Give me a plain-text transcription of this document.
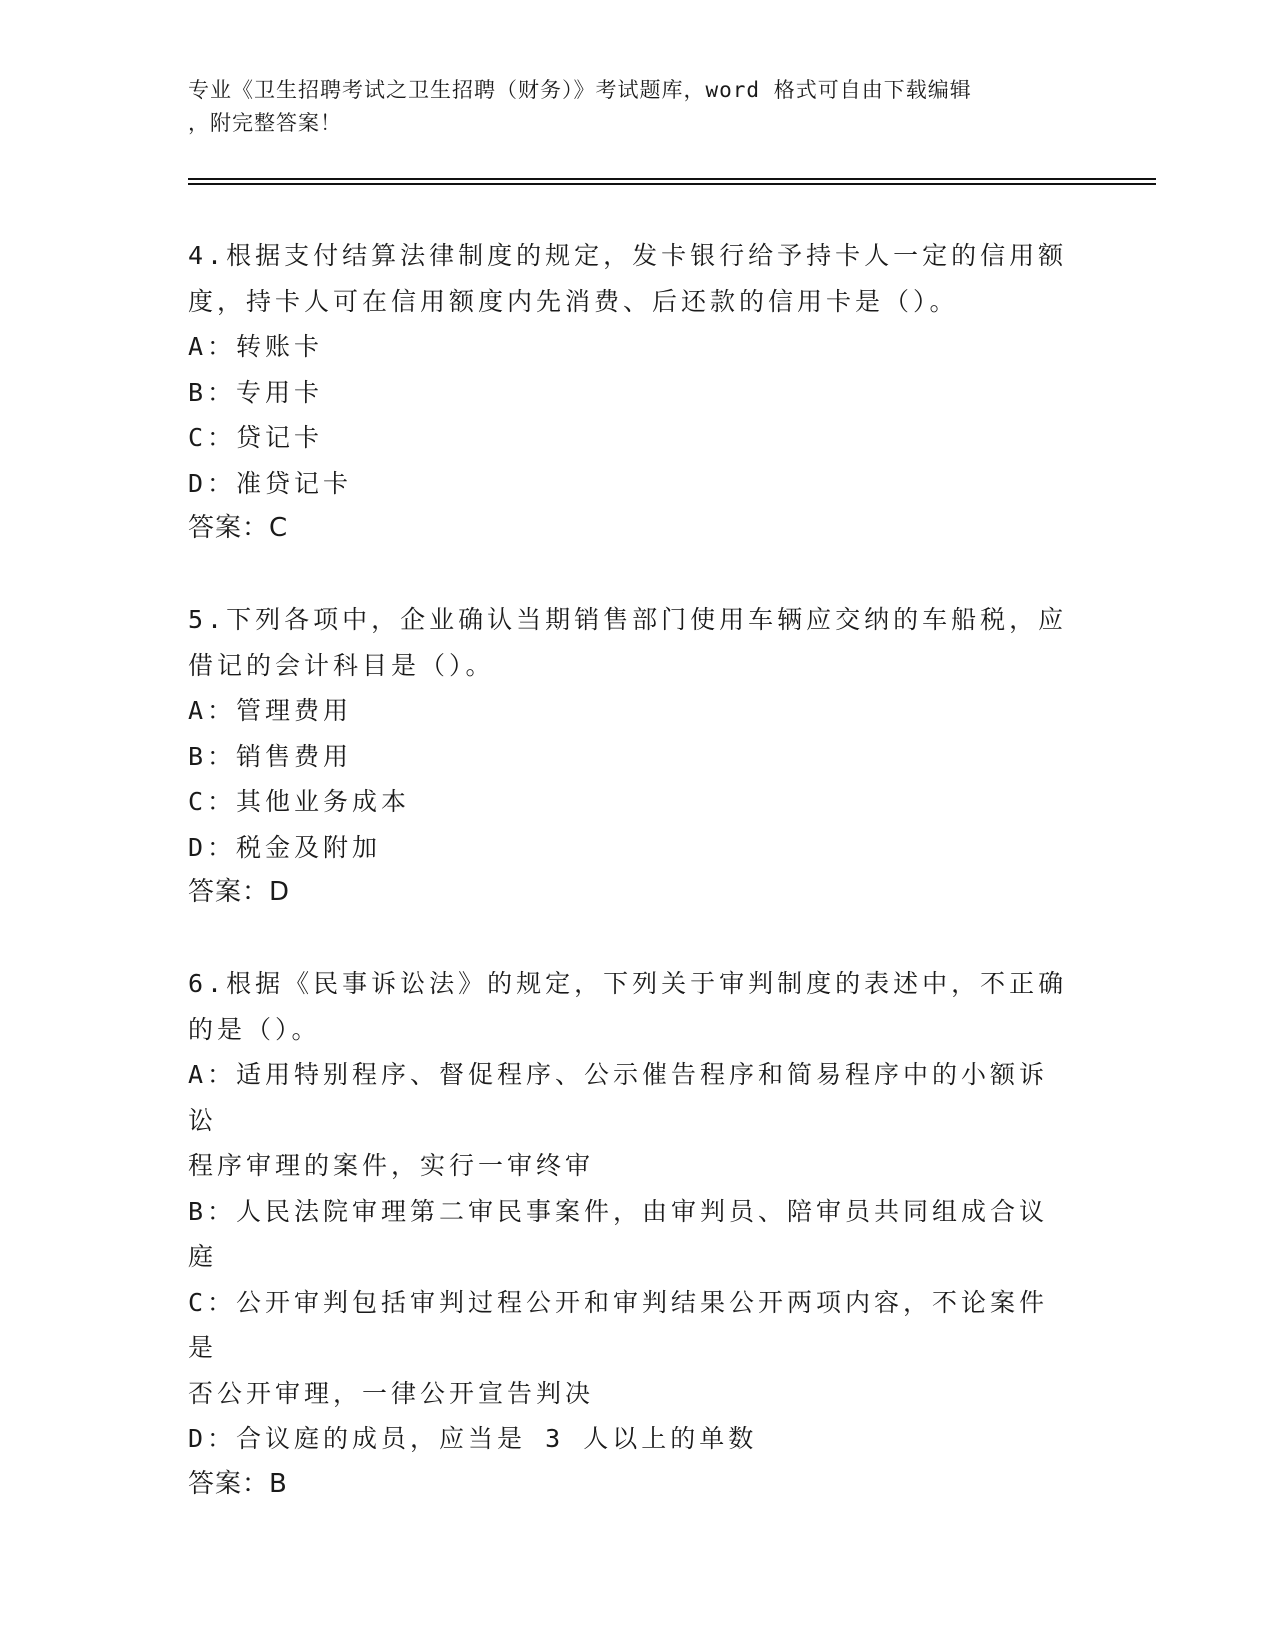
专业《卫生招聘考试之卫生招聘（财务）》考试题库，word 格式可自由下载编辑
，附完整答案！

4.根据支付结算法律制度的规定，发卡银行给予持卡人一定的信用额

度，持卡人可在信用额度内先消费、后还款的信用卡是（）。

A：转账卡

B：专用卡

C：贷记卡

D：准贷记卡

答案：C

5.下列各项中，企业确认当期销售部门使用车辆应交纳的车船税，应

借记的会计科目是（）。

A：管理费用

B：销售费用

C：其他业务成本

D：税金及附加

答案：D

6.根据《民事诉讼法》的规定，下列关于审判制度的表述中，不正确

的是（）。

A：适用特别程序、督促程序、公示催告程序和简易程序中的小额诉讼

程序审理的案件，实行一审终审

B：人民法院审理第二审民事案件，由审判员、陪审员共同组成合议庭

C：公开审判包括审判过程公开和审判结果公开两项内容，不论案件是

否公开审理，一律公开宣告判决

D：合议庭的成员，应当是 3 人以上的单数

答案：B
